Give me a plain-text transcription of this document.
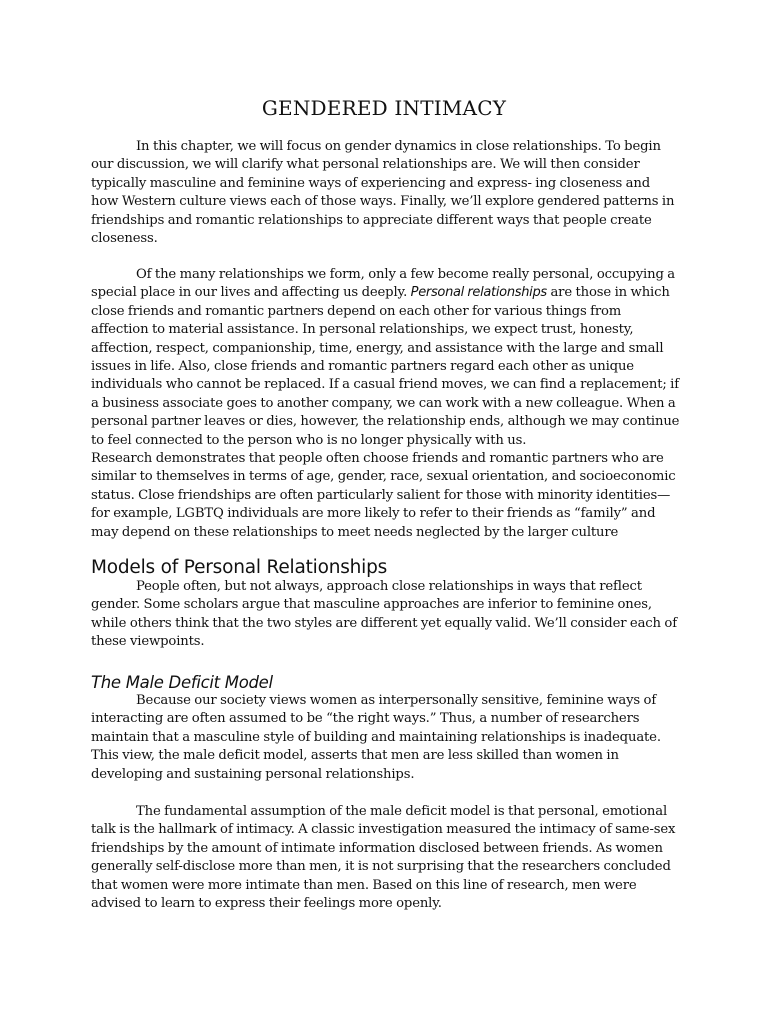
GENDERED INTIMACY

In this chapter, we will focus on gender dynamics in close relationships. To begin our discussion, we will clarify what personal relationships are. We will then consider typically masculine and feminine ways of experiencing and express- ing closeness and how Western culture views each of those ways. Finally, we’ll explore gendered patterns in friendships and romantic relationships to appreciate different ways that people create closeness.

Of the many relationships we form, only a few become really personal, occupying a special place in our lives and affecting us deeply. Personal relationships are those in which close friends and romantic partners depend on each other for various things from affection to material assistance. In personal relationships, we expect trust, honesty, affection, respect, companionship, time, energy, and assistance with the large and small issues in life. Also, close friends and romantic partners regard each other as unique individuals who cannot be replaced. If a casual friend moves, we can find a replacement; if a business associate goes to another company, we can work with a new colleague. When a personal partner leaves or dies, however, the relationship ends, although we may continue to feel connected to the person who is no longer physically with us.

Research demonstrates that people often choose friends and romantic partners who are similar to themselves in terms of age, gender, race, sexual orientation, and socioeconomic status. Close friendships are often particularly salient for those with minority identities—for example, LGBTQ individuals are more likely to refer to their friends as “family” and may depend on these relationships to meet needs neglected by the larger culture

Models of Personal Relationships

People often, but not always, approach close relationships in ways that reflect gender. Some scholars argue that masculine approaches are inferior to feminine ones, while others think that the two styles are different yet equally valid. We’ll consider each of these viewpoints.

The Male Deficit Model

Because our society views women as interpersonally sensitive, feminine ways of interacting are often assumed to be “the right ways.” Thus, a number of researchers maintain that a masculine style of building and maintaining relationships is inadequate. This view, the male deficit model, asserts that men are less skilled than women in developing and sustaining personal relationships.

The fundamental assumption of the male deficit model is that personal, emotional talk is the hallmark of intimacy. A classic investigation measured the intimacy of same-sex friendships by the amount of intimate information disclosed between friends. As women generally self-disclose more than men, it is not surprising that the researchers concluded that women were more intimate than men. Based on this line of research, men were advised to learn to express their feelings more openly.
